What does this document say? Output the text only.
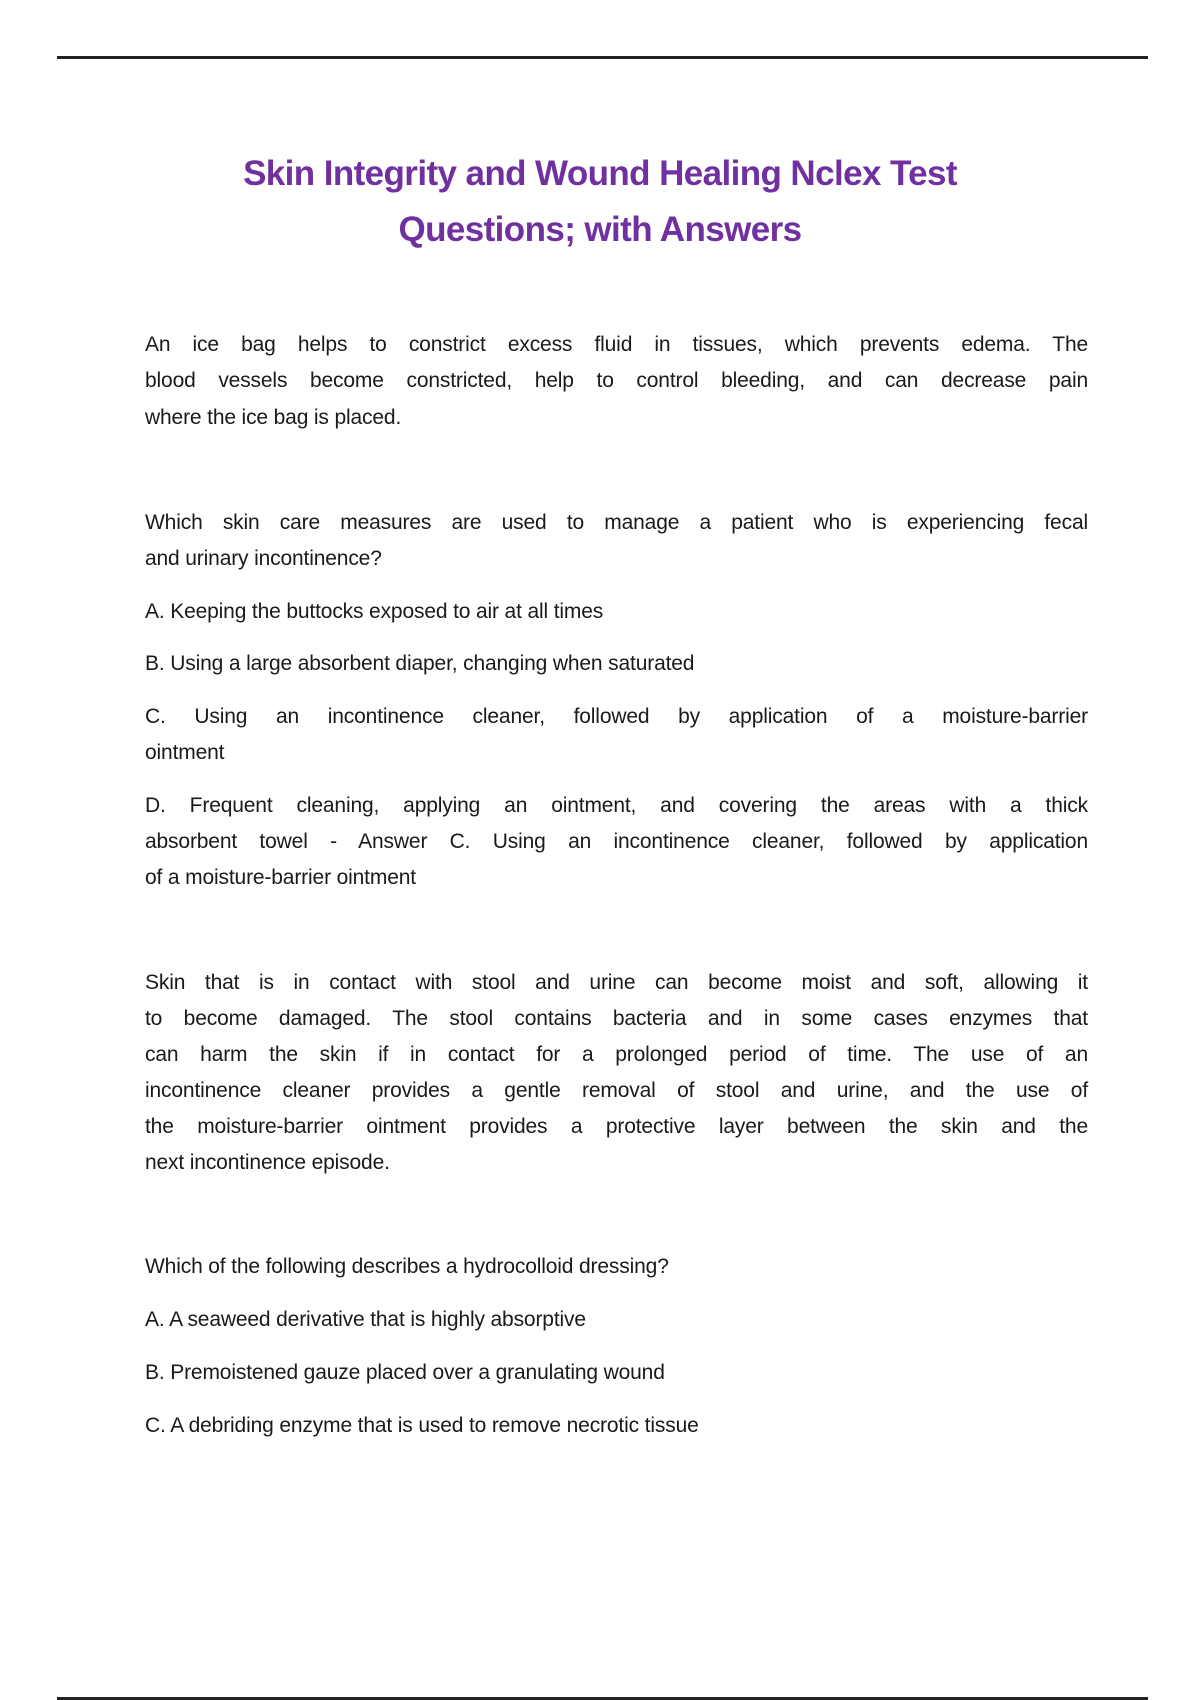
Skin Integrity and Wound Healing Nclex Test
Questions; with Answers
An ice bag helps to constrict excess fluid in tissues, which prevents edema. The
blood vessels become constricted, help to control bleeding, and can decrease pain
where the ice bag is placed.
Which skin care measures are used to manage a patient who is experiencing fecal
and urinary incontinence?
A. Keeping the buttocks exposed to air at all times
B. Using a large absorbent diaper, changing when saturated
C. Using an incontinence cleaner, followed by application of a moisture-barrier
ointment
D. Frequent cleaning, applying an ointment, and covering the areas with a thick
absorbent towel - Answer C. Using an incontinence cleaner, followed by application
of a moisture-barrier ointment
Skin that is in contact with stool and urine can become moist and soft, allowing it
to become damaged. The stool contains bacteria and in some cases enzymes that
can harm the skin if in contact for a prolonged period of time. The use of an
incontinence cleaner provides a gentle removal of stool and urine, and the use of
the moisture-barrier ointment provides a protective layer between the skin and the
next incontinence episode.
Which of the following describes a hydrocolloid dressing?
A. A seaweed derivative that is highly absorptive
B. Premoistened gauze placed over a granulating wound
C. A debriding enzyme that is used to remove necrotic tissue
